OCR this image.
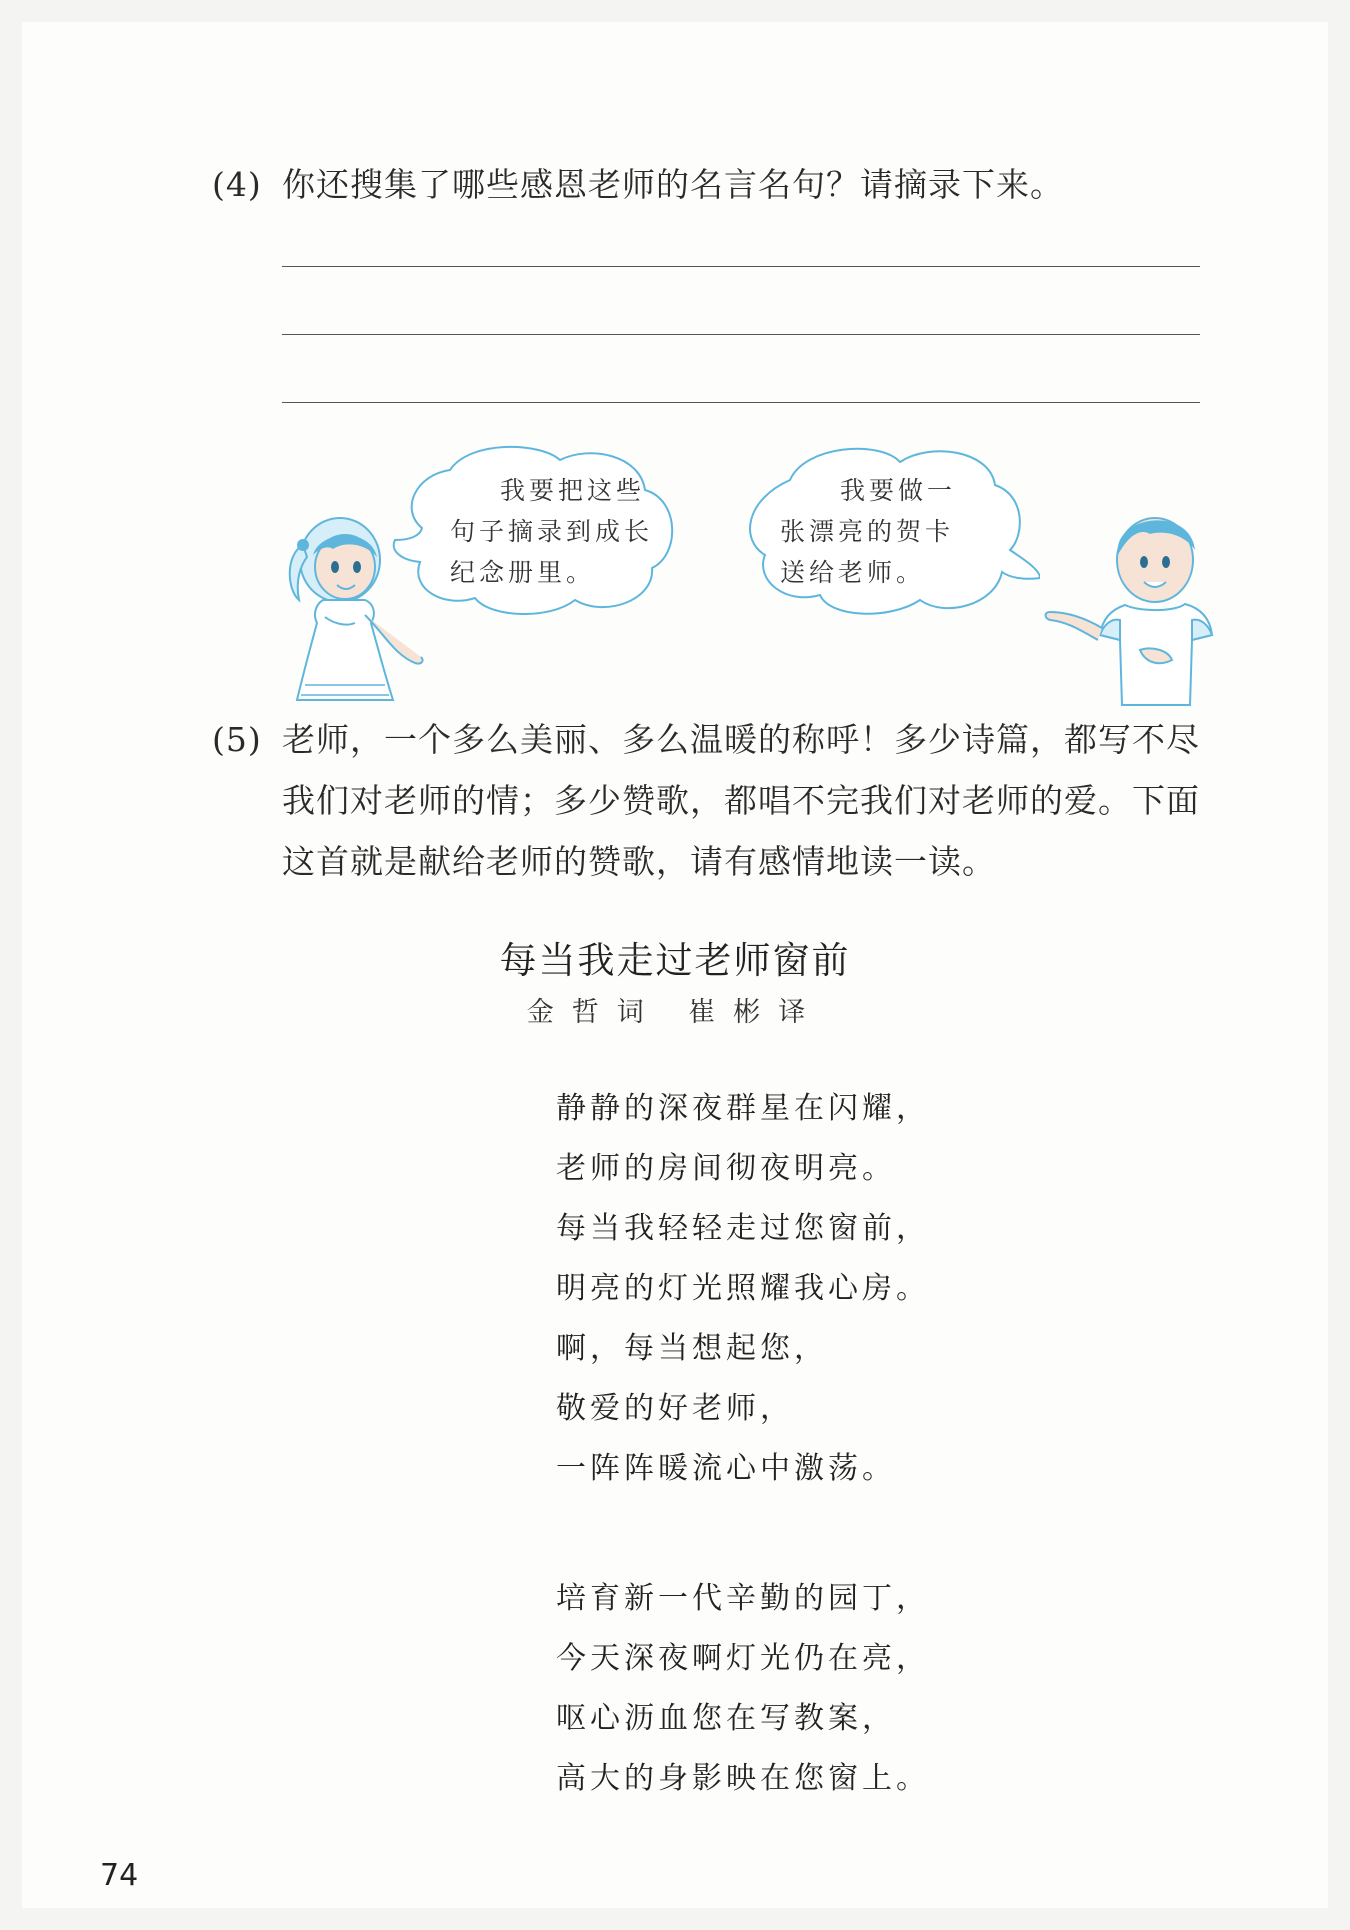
(4) 你还搜集了哪些感恩老师的名言名句？请摘录下来。
我要把这些
句子摘录到成长
纪念册里。
我要做一
张漂亮的贺卡
送给老师。
(5) 老师，一个多么美丽、多么温暖的称呼！多少诗篇，都写不尽
我们对老师的情；多少赞歌，都唱不完我们对老师的爱。下面
这首就是献给老师的赞歌，请有感情地读一读。
每当我走过老师窗前
金哲词 崔彬译
静静的深夜群星在闪耀，
老师的房间彻夜明亮。
每当我轻轻走过您窗前，
明亮的灯光照耀我心房。
啊，每当想起您，
敬爱的好老师，
一阵阵暖流心中激荡。
培育新一代辛勤的园丁，
今天深夜啊灯光仍在亮，
呕心沥血您在写教案，
高大的身影映在您窗上。
74
